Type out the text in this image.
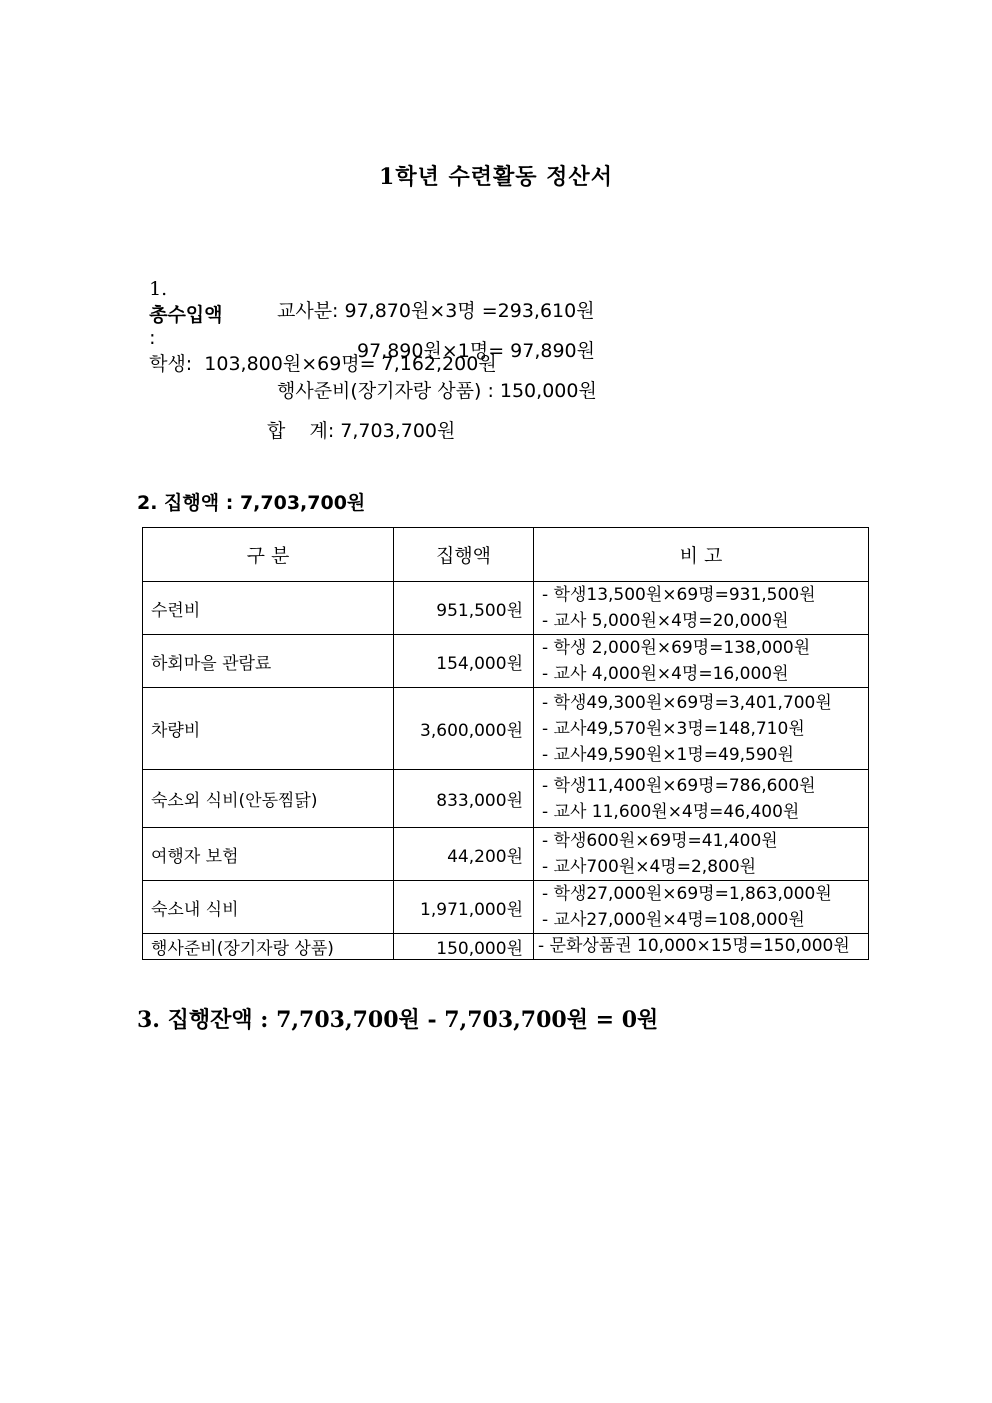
1학년 수련활동 정산서

1.
총수입액
:
학생:  103,800원×69명= 7,162,200원

교사분: 97,870원×3명 =293,610원
97,890원×1명= 97,890원
행사준비(장기자랑 상품) : 150,000원
합    계: 7,703,700원
2. 집행액 : 7,703,700원
구 분	집행액	비 고
수련비	951,500원	- 학생13,500원×69명=931,500원
- 교사 5,000원×4명=20,000원

하회마을 관람료	154,000원	- 학생 2,000원×69명=138,000원
- 교사 4,000원×4명=16,000원

차량비	3,600,000원	- 학생49,300원×69명=3,401,700원
- 교사49,570원×3명=148,710원
- 교사49,590원×1명=49,590원

숙소외 식비(안동찜닭)	833,000원	- 학생11,400원×69명=786,600원
- 교사 11,600원×4명=46,400원

여행자 보험	44,200원	- 학생600원×69명=41,400원
- 교사700원×4명=2,800원

숙소내 식비	1,971,000원	- 학생27,000원×69명=1,863,000원
- 교사27,000원×4명=108,000원

행사준비(장기자랑 상품)	150,000원	- 문화상품권 10,000×15명=150,000원
3. 집행잔액 : 7,703,700원 - 7,703,700원 = 0원
